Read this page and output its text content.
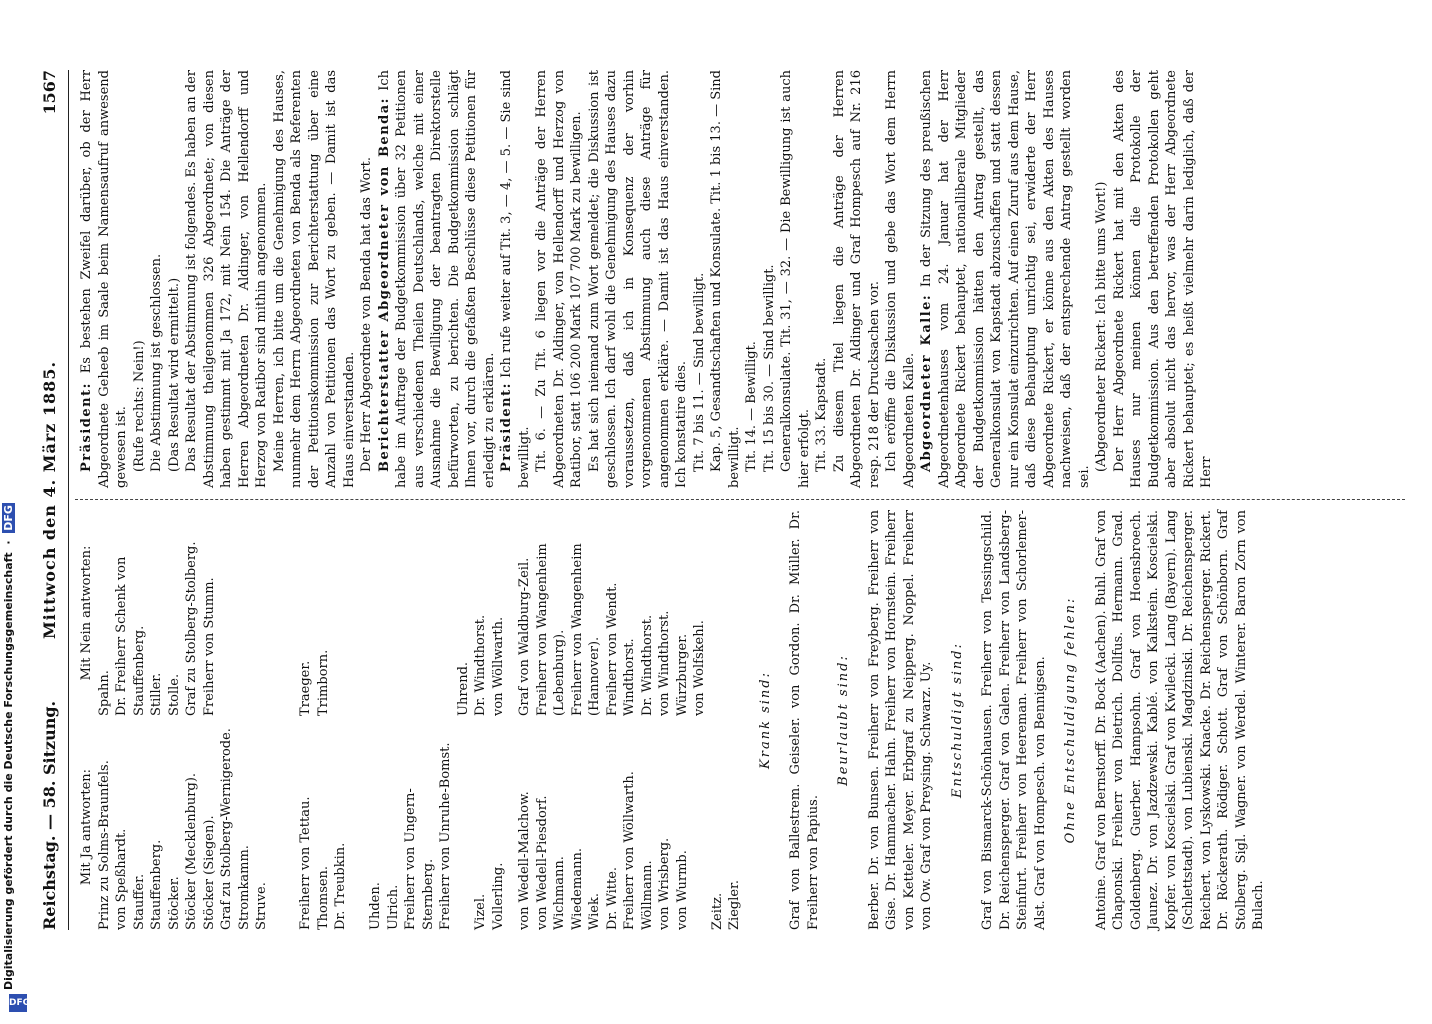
Reichstag. — 58. Sitzung.
Mittwoch den 4. März 1885.
1567

Mit Ja antworten: Prinz zu Solms-Braunfels. von Speßhardt. Stauffer. Stauffenberg. Stöcker. Stöcker (Mecklenburg). Stöcker (Siegen). Graf zu Stolberg-Wernigerode. Stromkamm. Struve.

Mit Nein antworten:

Spahn. Dr. Freiherr Schenk von Stauffenberg. Stiller. Stolle. Graf zu Stolberg-Stolberg. Freiherr von Stumm.

Freiherr von Tettau. Thomsen. Dr. Treubkin.

Uhden. Ulrich. Freiherr von Ungern-Sternberg. Freiherr von Unruhe-Bomst.

Vizel. Vollerling.

Traeger. Trimborn.

	Uhrend. Dr. Windthorst. von Wöllwarth.

von Wedell-Malchow. von Wedell-Piesdorf. Wichmann. Wiedemann. Wiek. Dr. Witte. Freiherr von Wöllwarth. Wöllmann. von Wrisberg. von Wurmb.

Zeitz. Ziegler.

Graf von Waldburg-Zeil. Freiherr von Wangenheim (Lebenburg). Freiherr von Wangenheim (Hannover). Freiherr von Wendt. Windthorst. Dr. Windthorst. von Windthorst. Würzburger. von Wolfskehl.

Krank sind: Graf von Ballestrem. Geiseler. von Gordon. Dr. Müller. Dr. Freiherr von Papius.

Beurlaubt sind: Berber. Dr. von Bunsen. Freiherr von Freyberg. Freiherr von Gise. Dr. Hammacher. Hahn. Freiherr von Hornstein. Freiherr von Ketteler. Meyer. Erbgraf zu Neipperg. Noppel. Freiherr von Ow. Graf von Preysing. Schwarz. Uy. Entschuldigt sind: Graf von Bismarck-Schönhausen. Freiherr von Tessingschild. Dr. Reichensperger. Graf von Galen. Freiherr von Landsberg-Steinfurt. Freiherr von Heereman. Freiherr von Schorlemer-Alst. Graf von Hompesch. von Bennigsen. Ohne Entschuldigung fehlen: Antoine. Graf von Bernstorff. Dr. Bock (Aachen). Buhl. Graf von Chaponski. Freiherr von Dietrich. Dollfus. Hermann. Grad. Goldenberg. Guerber. Hampsohn. Graf von Hoensbroech. Jaunez. Dr. von Jazdzewski. Kablé. von Kalkstein. Koscielski. Kopfer. von Koscielski. Graf von Kwilecki. Lang (Bayern). Lang (Schlettstadt). von Lubienski. Magdzinski. Dr. Reichensperger. Reichert. von Lyskowski. Knacke. Dr. Reichensperger. Rickert. Dr. Röckerath. Rödiger. Schott. Graf von Schönborn. Graf Stolberg. Sigl. Wagner. von Werdel. Winterer. Baron Zorn von Bulach.

Präsident: Es bestehen Zweifel darüber, ob der Herr Abgeordnete Geheeb im Saale beim Namensaufruf anwesend gewesen ist. (Rufe rechts: Nein!) Die Abstimmung ist geschlossen. (Das Resultat wird ermittelt.) Das Resultat der Abstimmung ist folgendes. Es haben an der Abstimmung theilgenommen 326 Abgeordnete; von diesen haben gestimmt mit Ja 172, mit Nein 154. Die Anträge der Herren Abgeordneten Dr. Aldinger, von Hellendorff und Herzog von Ratibor sind mithin angenommen. Meine Herren, ich bitte um die Genehmigung des Hauses, nunmehr dem Herrn Abgeordneten von Benda als Referenten der Petitionskommission zur Berichterstattung über eine Anzahl von Petitionen das Wort zu geben. — Damit ist das Haus einverstanden. Der Herr Abgeordnete von Benda hat das Wort. Berichterstatter Abgeordneter von Benda: Ich habe im Auftrage der Budgetkommission über 32 Petitionen aus verschiedenen Theilen Deutschlands, welche mit einer Ausnahme die Bewilligung der beantragten Direktorstelle befürworten, zu berichten. Die Budgetkommission schlägt Ihnen vor, durch die gefaßten Beschlüsse diese Petitionen für erledigt zu erklären. Präsident: Ich rufe weiter auf Tit. 3, — 4, — 5. — Sie sind bewilligt. Tit. 6. — Zu Tit. 6 liegen vor die Anträge der Herren Abgeordneten Dr. Aldinger, von Hellendorff und Herzog von Ratibor, statt 106 200 Mark 107 700 Mark zu bewilligen. Es hat sich niemand zum Wort gemeldet; die Diskussion ist geschlossen. Ich darf wohl die Genehmigung des Hauses dazu voraussetzen, daß ich in Konsequenz der vorhin vorgenommenen Abstimmung auch diese Anträge für angenommen erkläre. — Damit ist das Haus einverstanden. Ich konstatire dies. Tit. 7 bis 11. — Sind bewilligt. Kap. 5, Gesandtschaften und Konsulate. Tit. 1 bis 13. — Sind bewilligt. Tit. 14. — Bewilligt. Tit. 15 bis 30. — Sind bewilligt. Generalkonsulate. Tit. 31, — 32. — Die Bewilligung ist auch hier erfolgt. Tit. 33. Kapstadt. Zu diesem Titel liegen die Anträge der Herren Abgeordneten Dr. Aldinger und Graf Hompesch auf Nr. 216 resp. 218 der Drucksachen vor. Ich eröffne die Diskussion und gebe das Wort dem Herrn Abgeordneten Kalle. Abgeordneter Kalle: In der Sitzung des preußischen Abgeordnetenhauses vom 24. Januar hat der Herr Abgeordnete Rickert behauptet, nationalliberale Mitglieder der Budgetkommission hätten den Antrag gestellt, das Generalkonsulat von Kapstadt abzuschaffen und statt dessen nur ein Konsulat einzurichten. Auf einen Zuruf aus dem Hause, daß diese Behauptung unrichtig sei, erwiderte der Herr Abgeordnete Rickert, er könne aus den Akten des Hauses nachweisen, daß der entsprechende Antrag gestellt worden sei.

(Abgeordneter Rickert: Ich bitte ums Wort!) Der Herr Abgeordnete Rickert hat mit den Akten des Hauses nur meinen können die Protokolle der Budgetkommission. Aus den betreffenden Protokollen geht aber absolut nicht das hervor, was der Herr Abgeordnete Rickert behauptet; es heißt vielmehr darin lediglich, daß der Herr

DFG
Digitalisierung gefördert durch die Deutsche Forschungsgemeinschaft  ·  DFG
